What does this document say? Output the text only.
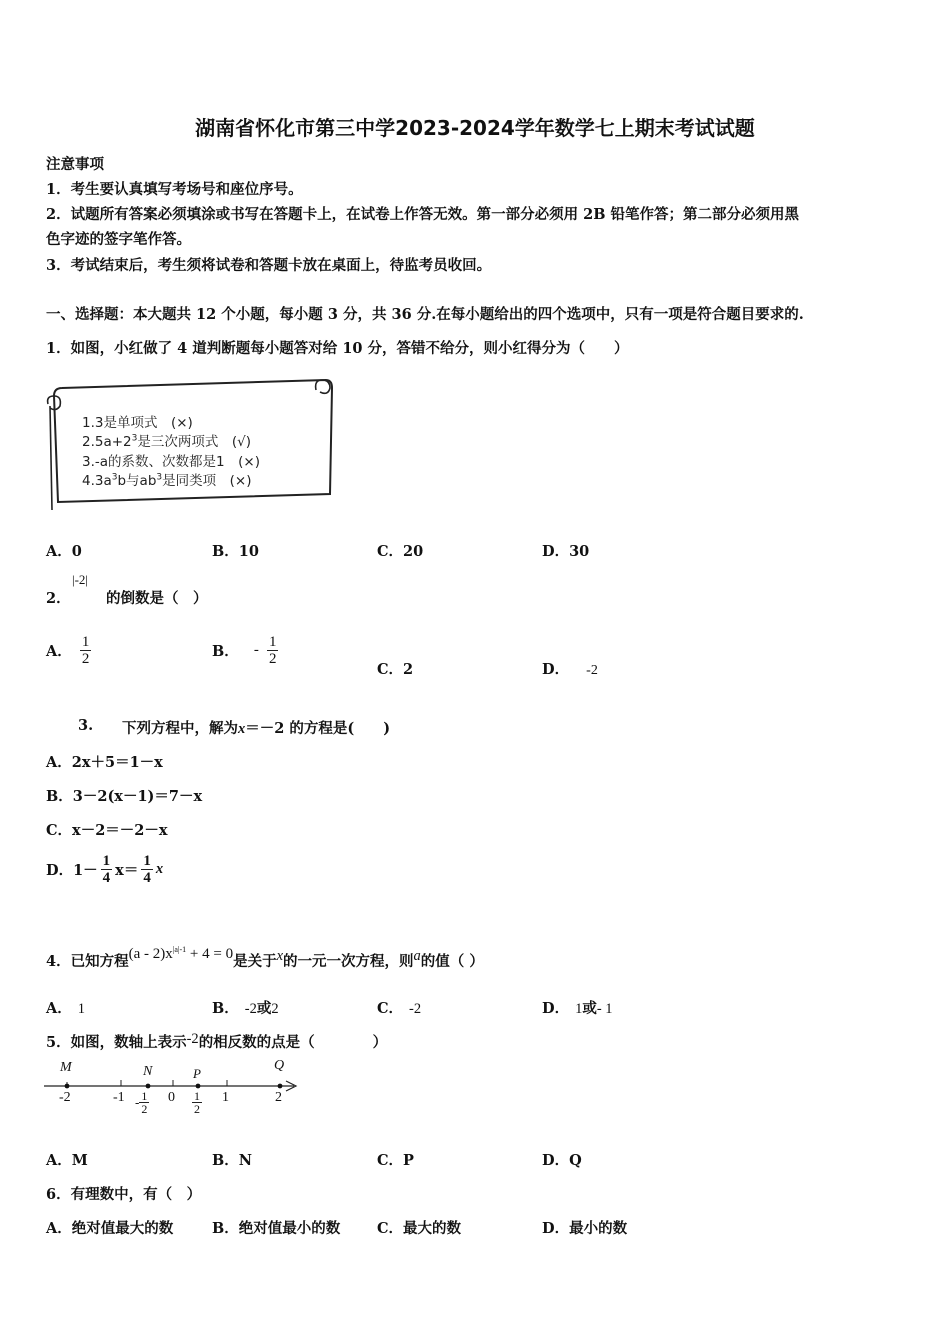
湖南省怀化市第三中学2023-2024学年数学七上期末考试试题
注意事项
1．考生要认真填写考场号和座位序号。
2．试题所有答案必须填涂或书写在答题卡上，在试卷上作答无效。第一部分必须用 2B 铅笔作答；第二部分必须用黑
色字迹的签字笔作答。
3．考试结束后，考生须将试卷和答题卡放在桌面上，待监考员收回。
一、选择题：本大题共 12 个小题，每小题 3 分，共 36 分.在每小题给出的四个选项中，只有一项是符合题目要求的.
1．如图，小红做了 4 道判断题每小题答对给 10 分，答错不给分，则小红得分为（　　）
1.3是单项式　(×)
$2.5a+2^3$是三次两项式　(√)
3.-a的系数、次数都是1　(×)
$4.3a^3b$与$ab^3$是同类项　(×)
A．0	B．10	C．20	D．30
2．
|-2|
的倒数是（　）
A． $\frac{1}{2}$	B． - $\frac{1}{2}$
C．2	D． -2
3. 下列方程中，解为x＝－2 的方程是(　　)
A．2x＋5＝1－x
B．3－2(x－1)＝7－x
C．x－2＝－2－x
D．$1- \frac{1}{4} x= \frac{1}{4}$ x
4．已知方程$(a - 2)x^{|a|-1} + 4 = 0$是关于x的一元一次方程，则a的值（ ）
A． 1	B． -2或2	C． -2	D． 1或- 1
5．如图，数轴上表示-2的相反数的点是（　　　　）
M	N	P
Q
-2	-1	0	1	2
- $\frac{1}{2}$	$\frac{1}{2}$
A．M	B．N	C．P	D．Q
6．有理数中，有（　）
A．绝对值最大的数	B．绝对值最小的数	C．最大的数	D．最小的数
